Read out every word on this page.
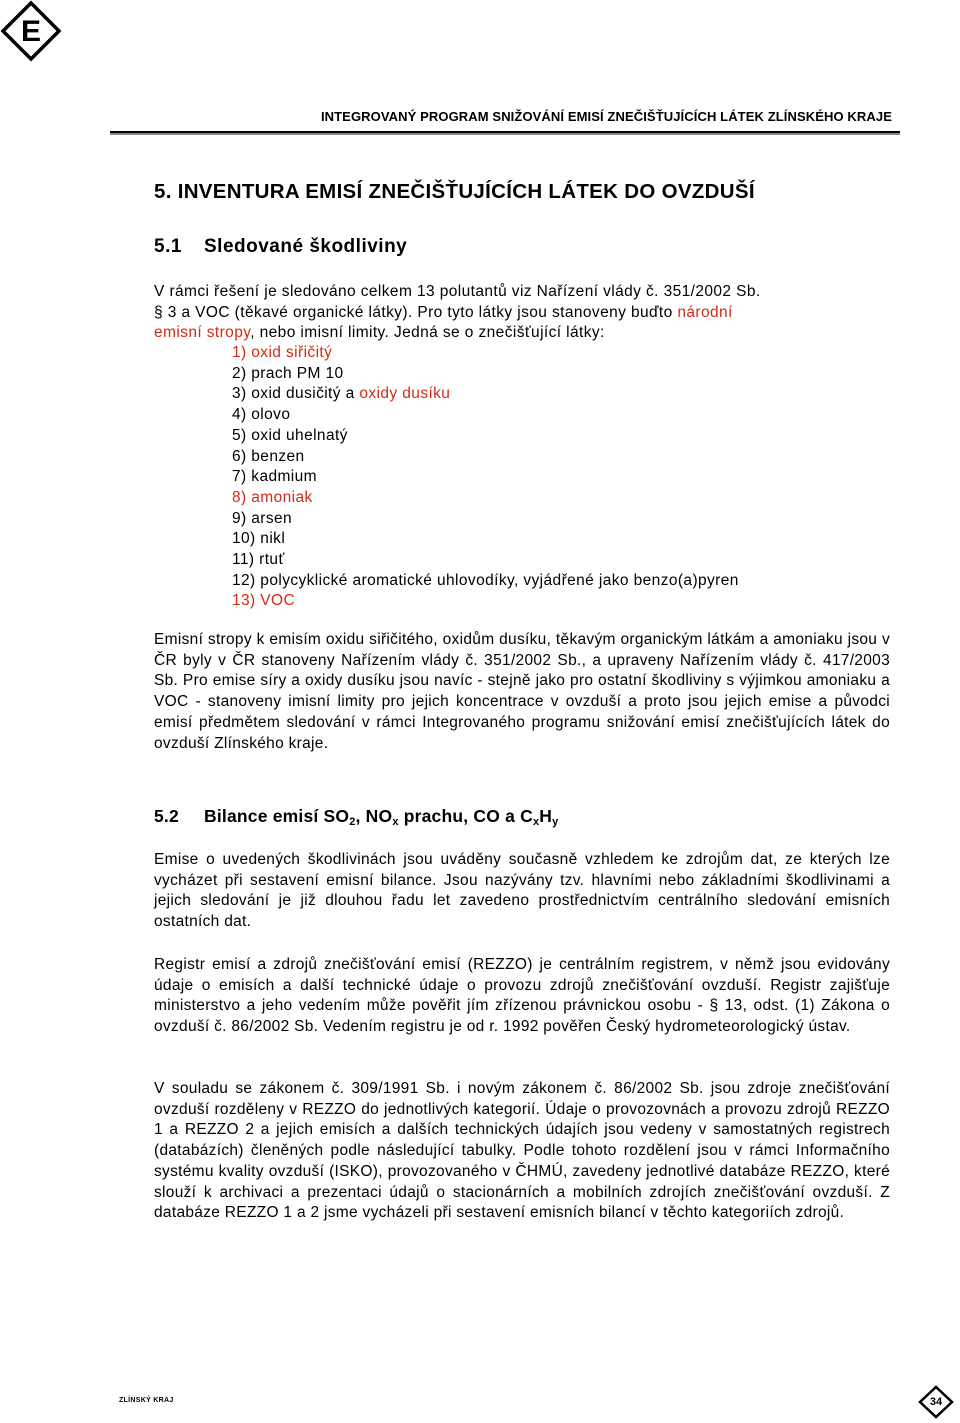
E
INTEGROVANÝ PROGRAM SNIŽOVÁNÍ EMISÍ ZNEČIŠŤUJÍCÍCH LÁTEK ZLÍNSKÉHO KRAJE
5. INVENTURA EMISÍ ZNEČIŠŤUJÍCÍCH LÁTEK DO OVZDUŠÍ
5.1 Sledované škodliviny
V rámci řešení je sledováno celkem 13 polutantů viz Nařízení vlády č. 351/2002 Sb.
§ 3 a VOC (těkavé organické látky). Pro tyto látky jsou stanoveny buďto národní
emisní stropy, nebo imisní limity. Jedná se o znečišťující látky:
1) oxid siřičitý
2) prach PM 10
3) oxid dusičitý a oxidy dusíku
4) olovo
5) oxid uhelnatý
6) benzen
7) kadmium
8) amoniak
9) arsen
10) nikl
11) rtuť
12) polycyklické aromatické uhlovodíky, vyjádřené jako benzo(a)pyren
13) VOC

Emisní stropy k emisím oxidu siřičitého, oxidům dusíku, těkavým organickým látkám a amoniaku jsou v ČR byly v ČR stanoveny Nařízením vlády č. 351/2002 Sb., a upraveny Nařízením vlády č. 417/2003 Sb. Pro emise síry a oxidy dusíku jsou navíc - stejně jako pro ostatní škodliviny s výjimkou amoniaku a VOC - stanoveny imisní limity pro jejich koncentrace v ovzduší a proto jsou jejich emise a původci emisí předmětem sledování v rámci Integrovaného programu snižování emisí znečišťujících látek do ovzduší Zlínského kraje.

5.2 Bilance emisí $SO_2$, $NO_x$ prachu, CO a $C_xH_y$

Emise o uvedených škodlivinách jsou uváděny současně vzhledem ke zdrojům dat, ze kterých lze vycházet při sestavení emisní bilance. Jsou nazývány tzv. hlavními nebo základními škodlivinami a jejich sledování je již dlouhou řadu let zavedeno prostřednictvím centrálního sledování emisních ostatních dat.

Registr emisí a zdrojů znečišťování emisí (REZZO) je centrálním registrem, v němž jsou evidovány údaje o emisích a další technické údaje o provozu zdrojů znečišťování ovzduší. Registr zajišťuje ministerstvo a jeho vedením může pověřit jím zřízenou právnickou osobu - § 13, odst. (1) Zákona o ovzduší č. 86/2002 Sb. Vedením registru je od r. 1992 pověřen Český hydrometeorologický ústav.

V souladu se zákonem č. 309/1991 Sb. i novým zákonem č. 86/2002 Sb. jsou zdroje znečišťování ovzduší rozděleny v REZZO do jednotlivých kategorií. Údaje o provozovnách a provozu zdrojů REZZO 1 a REZZO 2 a jejich emisích a dalších technických údajích jsou vedeny v samostatných registrech (databázích) členěných podle následující tabulky. Podle tohoto rozdělení jsou v rámci Informačního systému kvality ovzduší (ISKO), provozovaného v ČHMÚ, zavedeny jednotlivé databáze REZZO, které slouží k archivaci a prezentaci údajů o stacionárních a mobilních zdrojích znečišťování ovzduší. Z databáze REZZO 1 a 2 jsme vycházeli při sestavení emisních bilancí v těchto kategoriích zdrojů.

ZLÍNSKÝ KRAJ	34
